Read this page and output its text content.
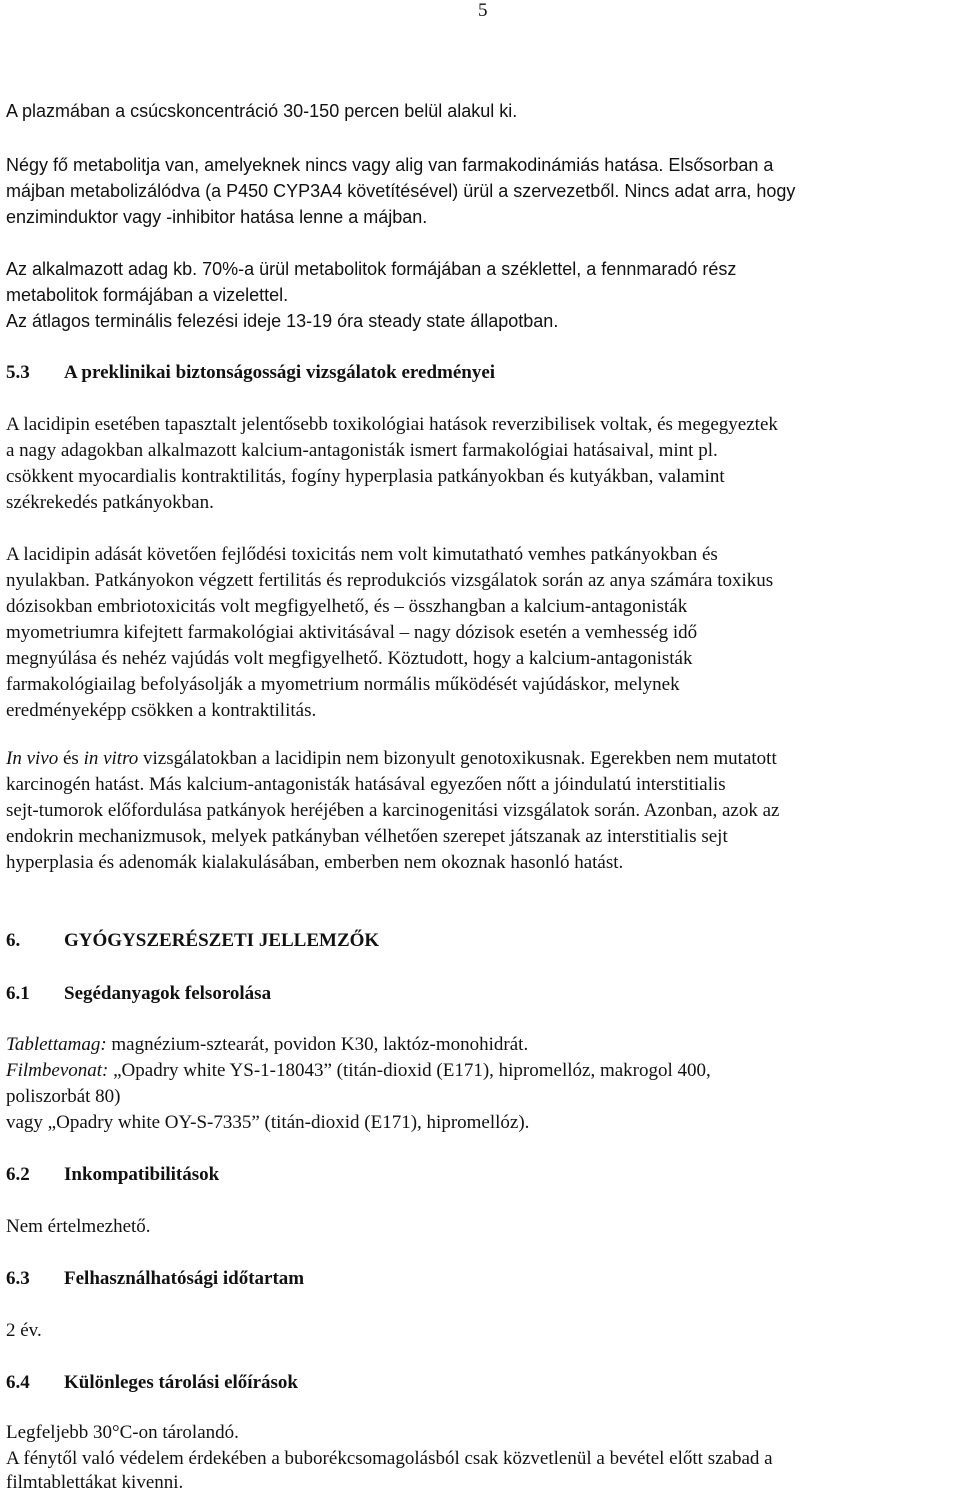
5

A plazmában a csúcskoncentráció 30-150 percen belül alakul ki.

Négy fő metabolitja van, amelyeknek nincs vagy alig van farmakodinámiás hatása. Elsősorban a

májban metabolizálódva (a P450 CYP3A4 követítésével) ürül a szervezetből. Nincs adat arra, hogy

enziminduktor vagy -inhibitor hatása lenne a májban.

Az alkalmazott adag kb. 70%-a ürül metabolitok formájában a széklettel, a fennmaradó rész

metabolitok formájában a vizelettel.

Az átlagos terminális felezési ideje 13-19 óra steady state állapotban.

5.3 A preklinikai biztonságossági vizsgálatok eredményei

A lacidipin esetében tapasztalt jelentősebb toxikológiai hatások reverzibilisek voltak, és megegyeztek

a nagy adagokban alkalmazott kalcium-antagonisták ismert farmakológiai hatásaival, mint pl.

csökkent myocardialis kontraktilitás, fogíny hyperplasia patkányokban és kutyákban, valamint

székrekedés patkányokban.

A lacidipin adását követően fejlődési toxicitás nem volt kimutatható vemhes patkányokban és

nyulakban. Patkányokon végzett fertilitás és reprodukciós vizsgálatok során az anya számára toxikus

dózisokban embriotoxicitás volt megfigyelhető, és – összhangban a kalcium-antagonisták

myometriumra kifejtett farmakológiai aktivitásával – nagy dózisok esetén a vemhesség idő

megnyúlása és nehéz vajúdás volt megfigyelhető. Köztudott, hogy a kalcium-antagonisták

farmakológiailag befolyásolják a myometrium normális működését vajúdáskor, melynek

eredményeképp csökken a kontraktilitás.

In vivo és in vitro vizsgálatokban a lacidipin nem bizonyult genotoxikusnak. Egerekben nem mutatott

karcinogén hatást. Más kalcium-antagonisták hatásával egyezően nőtt a jóindulatú interstitialis

sejt-tumorok előfordulása patkányok heréjében a karcinogenitási vizsgálatok során. Azonban, azok az

endokrin mechanizmusok, melyek patkányban vélhetően szerepet játszanak az interstitialis sejt

hyperplasia és adenomák kialakulásában, emberben nem okoznak hasonló hatást.

6. GYÓGYSZERÉSZETI JELLEMZŐK
6.1 Segédanyagok felsorolása

Tablettamag: magnézium-sztearát, povidon K30, laktóz-monohidrát.

Filmbevonat: „Opadry white YS-1-18043” (titán-dioxid (E171), hipromellóz, makrogol 400,

poliszorbát 80)

vagy „Opadry white OY-S-7335” (titán-dioxid (E171), hipromellóz).

6.2 Inkompatibilitások

Nem értelmezhető.

6.3 Felhasználhatósági időtartam

2 év.

6.4 Különleges tárolási előírások

Legfeljebb 30°C-on tárolandó.

A fénytől való védelem érdekében a buborékcsomagolásból csak közvetlenül a bevétel előtt szabad a

filmtablettákat kivenni.
